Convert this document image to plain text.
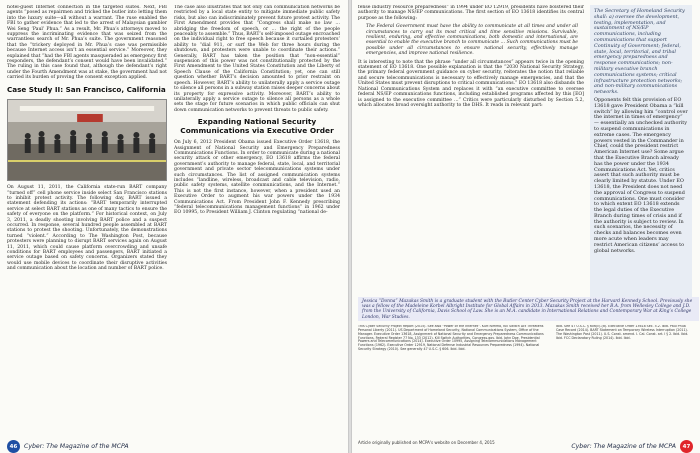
hotel-guest Internet connection in the targeted suites. Next, FBI agents “posed as repairmen and tricked the butler into letting them into the luxury suite—all without a warrant. The ruse enabled the FBI to gather evidence that led to the arrest of Malaysian gambler Wei Seng ‘Paul’ Phua.” As a result, Mr. Phua’s attorneys moved to suppress the incriminating evidence that was seized from the warrantless search of Mr. Phua’s suite. The government reasoned that the “trickery deployed in Mr. Phua’s case was permissible because Internet access isn’t an essential service.” Moreover, they explained that “had the FBI agents masqueraded as emergency first responders, the defendant’s consent would have been invalidated.” The ruling in this case found that, although the defendant’s right under the Fourth Amendment was at stake, the government had not carried its burden of proving the consent exception applied.

Case Study II: San Francisco, California

On August 11, 2011, the California state-run BART company “turned off” cell phone service inside select San Francisco stations to inhibit protest activity. The following day, BART issued a statement defending its actions: “BART temporarily interrupted service at select BART stations as one of many tactics to ensure the safety of everyone on the platform.” For historical context, on July 3, 2011, a deadly shooting involving BART police and a suspect occurred. In response, several hundred people assembled at BART stations to protest the shooting. Unfortunately, the demonstrations turned “violent.” According to The Washington Post, because protesters were planning to disrupt BART services again on August 11, 2011, which could cause platform overcrowding and unsafe conditions for BART employees and passengers, BART initiated a service outage based on safety concerns. Organizers stated they would use mobile devices to coordinate their disruptive activities and communication about the location and number of BART police.

The case also illustrates that not only can communication networks be restricted by a local state entity to mitigate immediate public safety risks, but also can indiscriminately prevent future protest activity. The First Amendment provides that “Congress shall make no law … abridging the freedom of speech, or … the right of the people peaceably to assemble.” Thus, BART’s self-imposed outage encroached on the individual right to free speech because it curtailed protesters’ ability to “dial 911, or surf the Web for three hours during the shutdown, and protesters were unable to coordinate their actions.” Generally, BART has taken the position that “non-essential” suspension of this power was not constitutionally protected by the First Amendment to the United States Constitution and the Liberty of Speech Clause of the California Constitution; yet, one can still question whether BART’s decision amounted to prior restraint on speech. However, BART’s ability to unilaterally apply a service outage to silence all persons in a subway station raises deeper concerns about its property for expressive activity. Moreover, BART’s ability to unilaterally apply a service outage to silence all persons as a whole sets the stage for future scenarios in which public officials can shut down communication networks to prevent threats to public safety.

Expanding National Security Communications via Executive Order

On July 6, 2012 President Obama issued Executive Order 13618, the Assignment of National Security and Emergency Preparedness Communications Functions. In order to communicate during a national security attack or other emergency, EO 13618 affirms the federal government’s authority to manage federal, state, local, and territorial government and private sector telecommunications systems under such circumstances. The list of assigned communication systems includes “landline, wireless, broadcast and cable television, radio, public safety systems, satellite communications, and the Internet.” This is not the first instance, however, when a president used an Executive Order to augment his war powers under the 1934 Communications Act. From President John F. Kennedy prescribing “federal telecommunications management functions” in 1962 under EO 10995, to President William J. Clinton regulating “national de-

46	Cyber: The Magazine of the MCPA

fense industry resource preparedness” in 1994 under EO 12919, presidents have bolstered their authority to manage NS/EP communications. The first section of EO 13618 identifies its central purpose as the following:

The Federal Government must have the ability to communicate at all times and under all circumstances to carry out its most critical and time sensitive missions. Survivable, resilient, enduring, and effective communications, both domestic and international, are essential to enable the executive branch to communicate … Such communications must be possible under all circumstances to ensure national security, effectively manage emergencies, and improve national resilience.

It is interesting to note that the phrase “under all circumstances” appears twice in the opening statement of EO 13618. One possible explanation is that the “2030 National Security Strategy, the primary federal government guidance on cyber security, reiterates the notion that reliable and secure telecommunications is necessary to effectively manage emergencies, and that the United States must prevent disruptions to critical communications.” EO 13618 also disbands the National Communications System and replaces it with “an executive committee to oversee federal NS/EP communications functions, including established programs affected by this [EO] is assigned to the executive committee …” Critics were particularly disturbed by Section 5.2, which allocates broad oversight authority to the DHS. It reads in relevant part:

The Secretary of Homeland Security shall: a) oversee the development, testing, implementation, and sustainment of NS/EP communications, including communications that support Continuity of Government; federal, state, local, territorial, and tribal emergency preparedness and response communications; non-military executive branch communications systems; critical infrastructure protection networks; and non-military communications networks.

Opponents felt this provision of EO 13618 gave President Obama a “kill switch” by allowing him “control over the internet in times of emergency” — essentially an unchecked authority to suspend communications in extreme cases. The emergency powers vested in the Commander in Chief, could the president restrict American Internet use? Some argue that the Executive Branch already has the power under the 1934 Communications Act. Yet, critics assert that such authority must be clearly limited by statute. Under EO 13618, the President does not need the approval of Congress to suspend communications. One must consider to which extent EO 13618 extends the legal duties of the Executive Branch during times of crisis and if the authority is subject to review. In such scenarios, the necessity of checks and balances becomes even more acute when leaders may restrict American citizens’ access to global networks.

Jessica “Donna” Mazakas Smith is a graduate student with the Butler Center Cyber Security Project at the Harvard Kennedy School. Previously she was a fellow of the Madeleine Korbel Albright Institute for Global Affairs in 2013. Mazakas Smith received her B.A. from Wellesley College and J.D. from the University of California, Davis School of Law. She is an M.A. candidate in International Relations and Contemporary War at King’s College London, War Studies.

This Cyber Security Project Report (2015). See also “Power of the Internet”. Kurt Nimmo, Kill Switch Act Threatens Personal Liberty (2011). US Department of Homeland Security, National Communications System, Office of the Manager. Executive Order 13618, Assignment of National Security and Emergency Preparedness Communications Functions, Federal Register 77 No. 133 (2012). Kill Switch Authorities, Congress.gov. Ibid. John Doe, Presidential Powers and Telecommunications (2014). Executive Order 10995, Assigning Telecommunications Management Functions (1962). Executive Order 12919, National Defense Industrial Resources Preparedness (1994). National Security Strategy (2010). See generally 47 U.S.C. § 606. Ibid. Ibid.

Ibid. See 47 U.S.C. § 606(c)-(d). Executive Order 13618 Sec. 5.2. Ibid. Paul Phua Case Record (2014). BART Statement on Temporary Wireless Interruption (2011). The Washington Post (2011). U.S. Const. amend. I. Cal. Const. art. I § 2. Ibid. Ibid. Ibid. FCC Declaratory Ruling (2014). Ibid. Ibid.

Article originally published on MCPA's website on December 4, 2015
Cyber: The Magazine of the MCPA	47
